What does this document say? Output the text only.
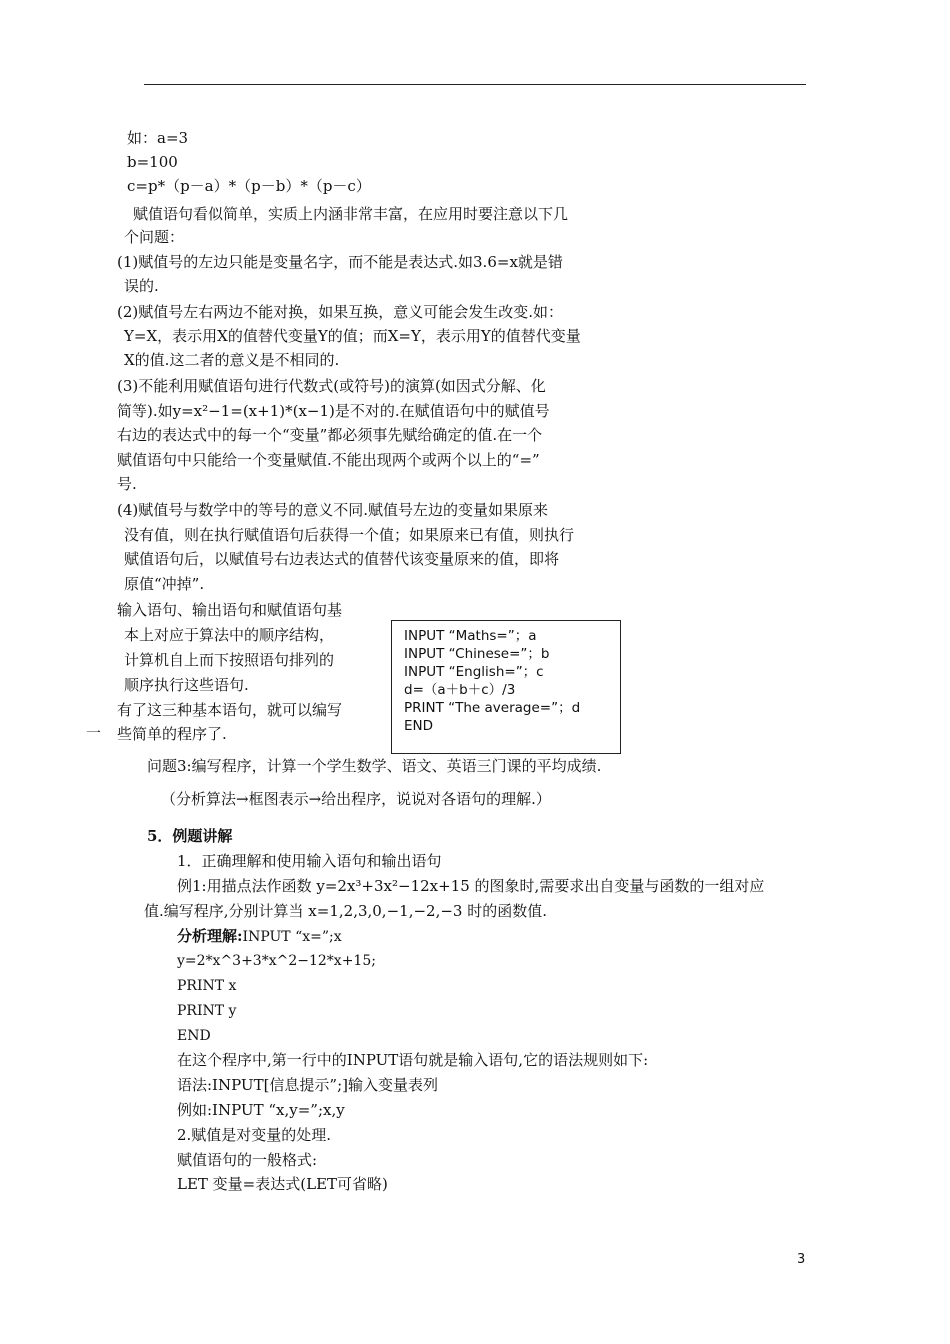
如：a=3
b=100
c=p*（p－a）*（p－b）*（p－c）
赋值语句看似简单，实质上内涵非常丰富，在应用时要注意以下几
个问题：
(1)赋值号的左边只能是变量名字，而不能是表达式.如3.6=x就是错
误的.
(2)赋值号左右两边不能对换，如果互换，意义可能会发生改变.如：
Y=X，表示用X的值替代变量Y的值；而X=Y，表示用Y的值替代变量
X的值.这二者的意义是不相同的.
(3)不能利用赋值语句进行代数式(或符号)的演算(如因式分解、化
简等).如y=x²−1=(x+1)*(x−1)是不对的.在赋值语句中的赋值号
右边的表达式中的每一个“变量”都必须事先赋给确定的值.在一个
赋值语句中只能给一个变量赋值.不能出现两个或两个以上的“=”
号.
(4)赋值号与数学中的等号的意义不同.赋值号左边的变量如果原来
没有值，则在执行赋值语句后获得一个值；如果原来已有值，则执行
赋值语句后，以赋值号右边表达式的值替代该变量原来的值，即将
原值“冲掉”.
输入语句、输出语句和赋值语句基
本上对应于算法中的顺序结构，
计算机自上而下按照语句排列的
顺序执行这些语句.
有了这三种基本语句，就可以编写
一 些简单的程序了.
INPUT “Maths=”；a
INPUT “Chinese=”；b
INPUT “English=”；c
d=（a＋b＋c）/3
PRINT “The average=”；d
END
问题3:编写程序，计算一个学生数学、语文、英语三门课的平均成绩.
（分析算法→框图表示→给出程序，说说对各语句的理解.）
5．例题讲解
1．正确理解和使用输入语句和输出语句
例1:用描点法作函数 y=2x³+3x²−12x+15 的图象时,需要求出自变量与函数的一组对应
值.编写程序,分别计算当 x=1,2,3,0,−1,−2,−3 时的函数值.
分析理解:INPUT “x=”;x
y=2*x^3+3*x^2−12*x+15;
PRINT x
PRINT y
END
在这个程序中,第一行中的INPUT语句就是输入语句,它的语法规则如下:
语法:INPUT[信息提示”;]输入变量表列
例如:INPUT “x,y=”;x,y
2.赋值是对变量的处理.
赋值语句的一般格式:
LET 变量=表达式(LET可省略)
3
